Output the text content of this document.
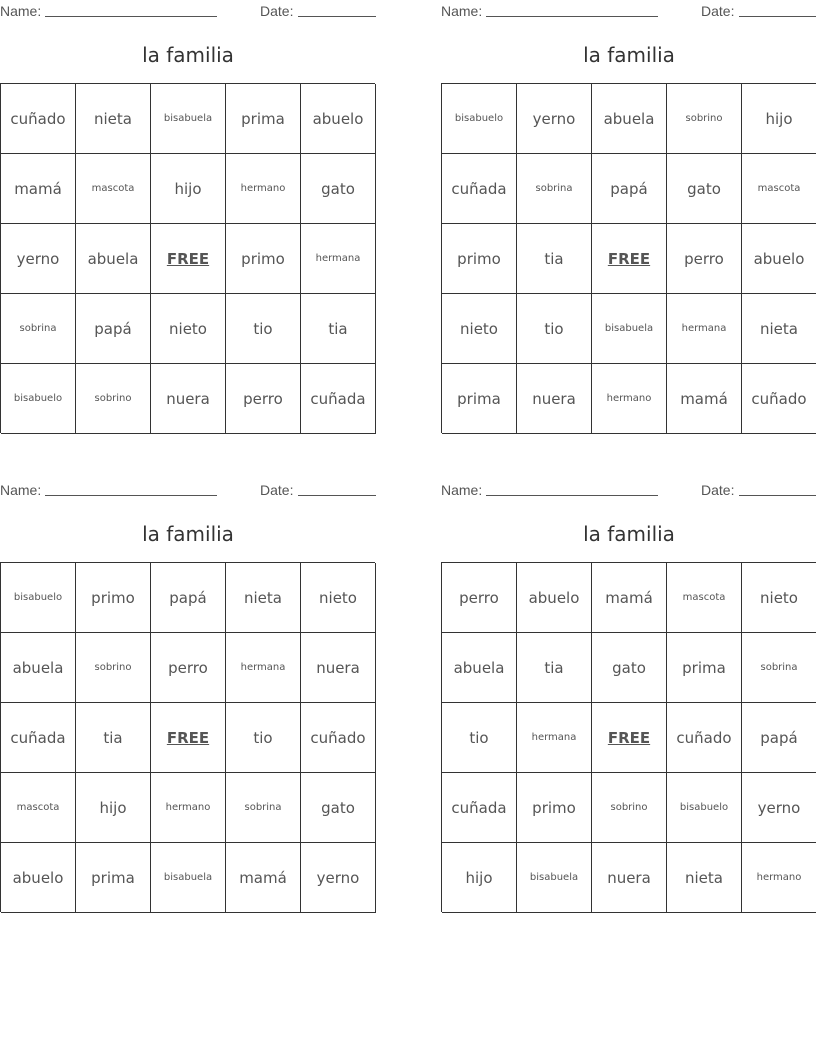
Name:	Date:
la familia
cuñado	nieta	bisabuela	prima	abuelo
mamá	mascota	hijo	hermano	gato
yerno	abuela	FREE	primo	hermana
sobrina	papá	nieto	tio	tia
bisabuelo	sobrino	nuera	perro	cuñada
Name:	Date:
la familia
bisabuelo	yerno	abuela	sobrino	hijo
cuñada	sobrina	papá	gato	mascota
primo	tia	FREE	perro	abuelo
nieto	tio	bisabuela	hermana	nieta
prima	nuera	hermano	mamá	cuñado
Name:	Date:
la familia
bisabuelo	primo	papá	nieta	nieto
abuela	sobrino	perro	hermana	nuera
cuñada	tia	FREE	tio	cuñado
mascota	hijo	hermano	sobrina	gato
abuelo	prima	bisabuela	mamá	yerno
Name:	Date:
la familia
perro	abuelo	mamá	mascota	nieto
abuela	tia	gato	prima	sobrina
tio	hermana	FREE	cuñado	papá
cuñada	primo	sobrino	bisabuelo	yerno
hijo	bisabuela	nuera	nieta	hermano
